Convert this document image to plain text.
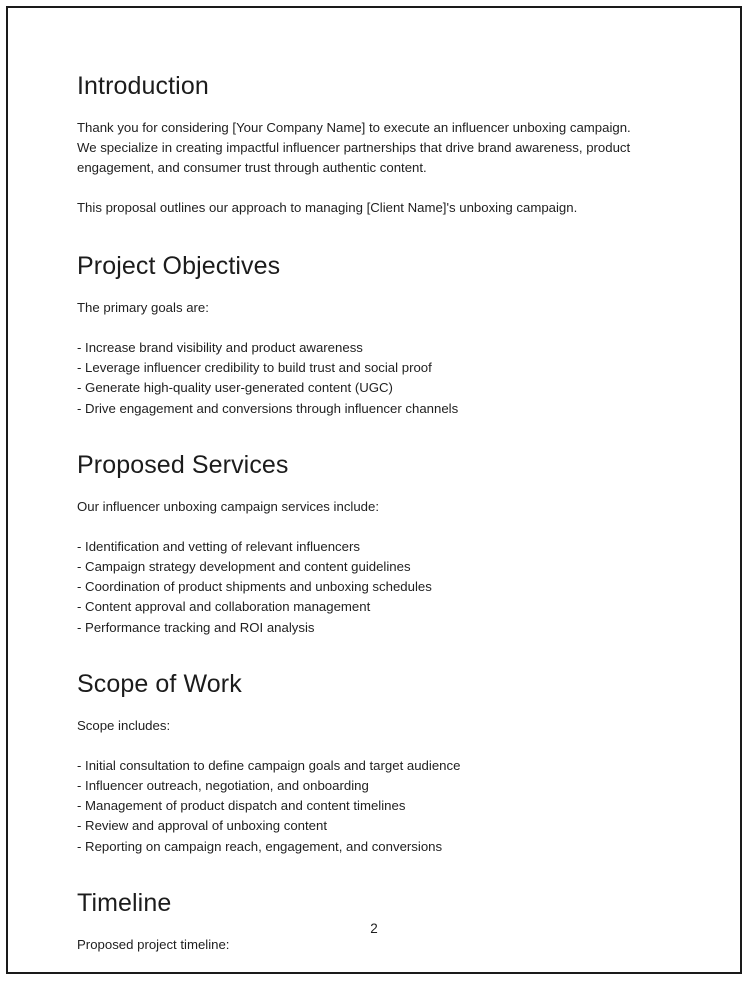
Introduction

Thank you for considering [Your Company Name] to execute an influencer unboxing campaign. We specialize in creating impactful influencer partnerships that drive brand awareness, product engagement, and consumer trust through authentic content.

This proposal outlines our approach to managing [Client Name]'s unboxing campaign.

Project Objectives

The primary goals are:

- Increase brand visibility and product awareness
- Leverage influencer credibility to build trust and social proof
- Generate high-quality user-generated content (UGC)
- Drive engagement and conversions through influencer channels
Proposed Services

Our influencer unboxing campaign services include:

- Identification and vetting of relevant influencers
- Campaign strategy development and content guidelines
- Coordination of product shipments and unboxing schedules
- Content approval and collaboration management
- Performance tracking and ROI analysis
Scope of Work

Scope includes:

- Initial consultation to define campaign goals and target audience
- Influencer outreach, negotiation, and onboarding
- Management of product dispatch and content timelines
- Review and approval of unboxing content
- Reporting on campaign reach, engagement, and conversions
Timeline

Proposed project timeline:

2
